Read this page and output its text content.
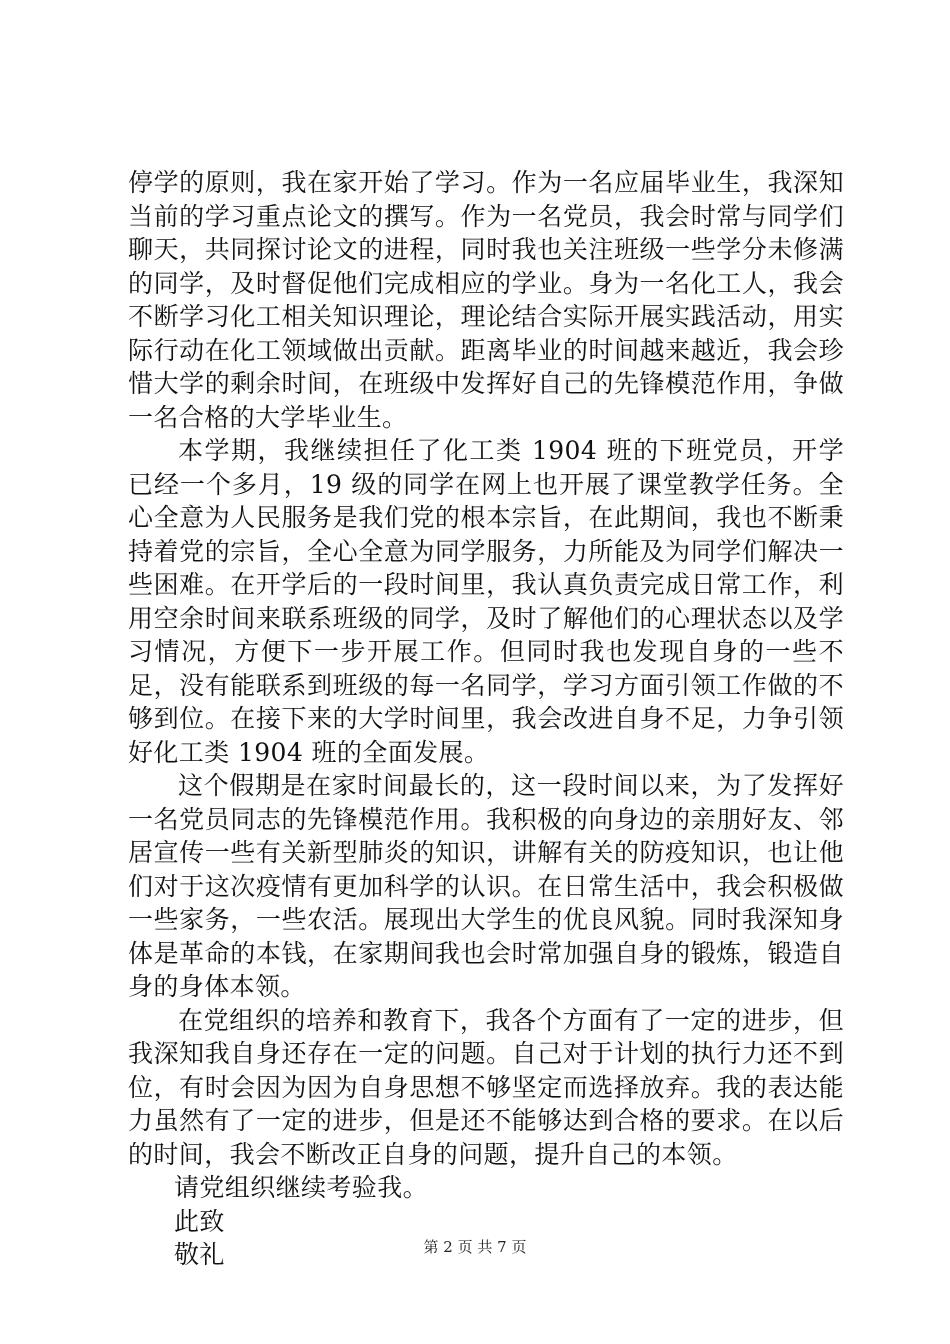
停学的原则，我在家开始了学习。作为一名应届毕业生，我深知当前的学习重点论文的撰写。作为一名党员，我会时常与同学们聊天，共同探讨论文的进程，同时我也关注班级一些学分未修满的同学，及时督促他们完成相应的学业。身为一名化工人，我会不断学习化工相关知识理论，理论结合实际开展实践活动，用实际行动在化工领域做出贡献。距离毕业的时间越来越近，我会珍惜大学的剩余时间，在班级中发挥好自己的先锋模范作用，争做一名合格的大学毕业生。

本学期，我继续担任了化工类 1904 班的下班党员，开学已经一个多月，19 级的同学在网上也开展了课堂教学任务。全心全意为人民服务是我们党的根本宗旨，在此期间，我也不断秉持着党的宗旨，全心全意为同学服务，力所能及为同学们解决一些困难。在开学后的一段时间里，我认真负责完成日常工作，利用空余时间来联系班级的同学，及时了解他们的心理状态以及学习情况，方便下一步开展工作。但同时我也发现自身的一些不足，没有能联系到班级的每一名同学，学习方面引领工作做的不够到位。在接下来的大学时间里，我会改进自身不足，力争引领好化工类 1904 班的全面发展。

这个假期是在家时间最长的，这一段时间以来，为了发挥好一名党员同志的先锋模范作用。我积极的向身边的亲朋好友、邻居宣传一些有关新型肺炎的知识，讲解有关的防疫知识，也让他们对于这次疫情有更加科学的认识。在日常生活中，我会积极做一些家务，一些农活。展现出大学生的优良风貌。同时我深知身体是革命的本钱，在家期间我也会时常加强自身的锻炼，锻造自身的身体本领。

在党组织的培养和教育下，我各个方面有了一定的进步，但我深知我自身还存在一定的问题。自己对于计划的执行力还不到位，有时会因为因为自身思想不够坚定而选择放弃。我的表达能力虽然有了一定的进步，但是还不能够达到合格的要求。在以后的时间，我会不断改正自身的问题，提升自己的本领。

请党组织继续考验我。

此致

敬礼	第 2 页 共 7 页
